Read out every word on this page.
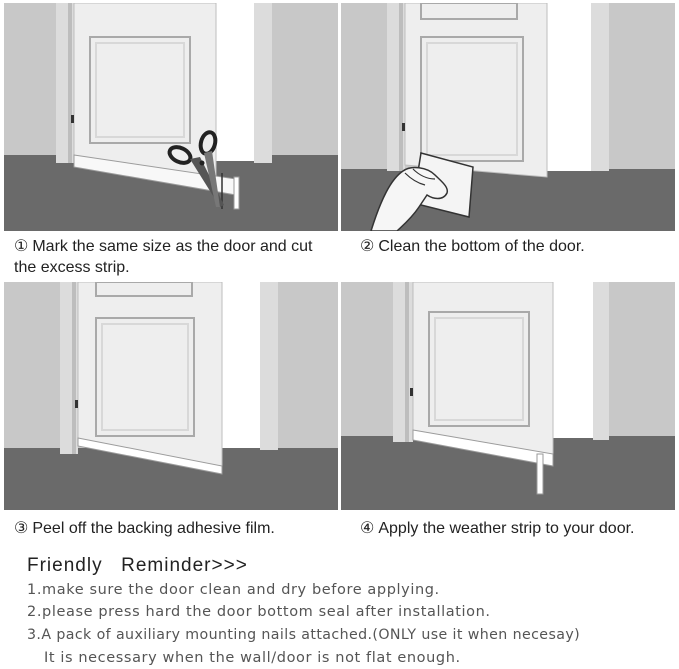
① Mark the same size as the door and cut the excess strip.
② Clean the bottom of the door.
③ Peel off the backing adhesive film.	④ Apply the weather strip to your door.
Friendly  Reminder>>>
1.make sure the door clean and dry before applying.
2.please press hard the door bottom seal after installation.
3.A pack of auxiliary mounting nails attached.(ONLY use it when necesay)
It is necessary when the wall/door is not flat enough.
